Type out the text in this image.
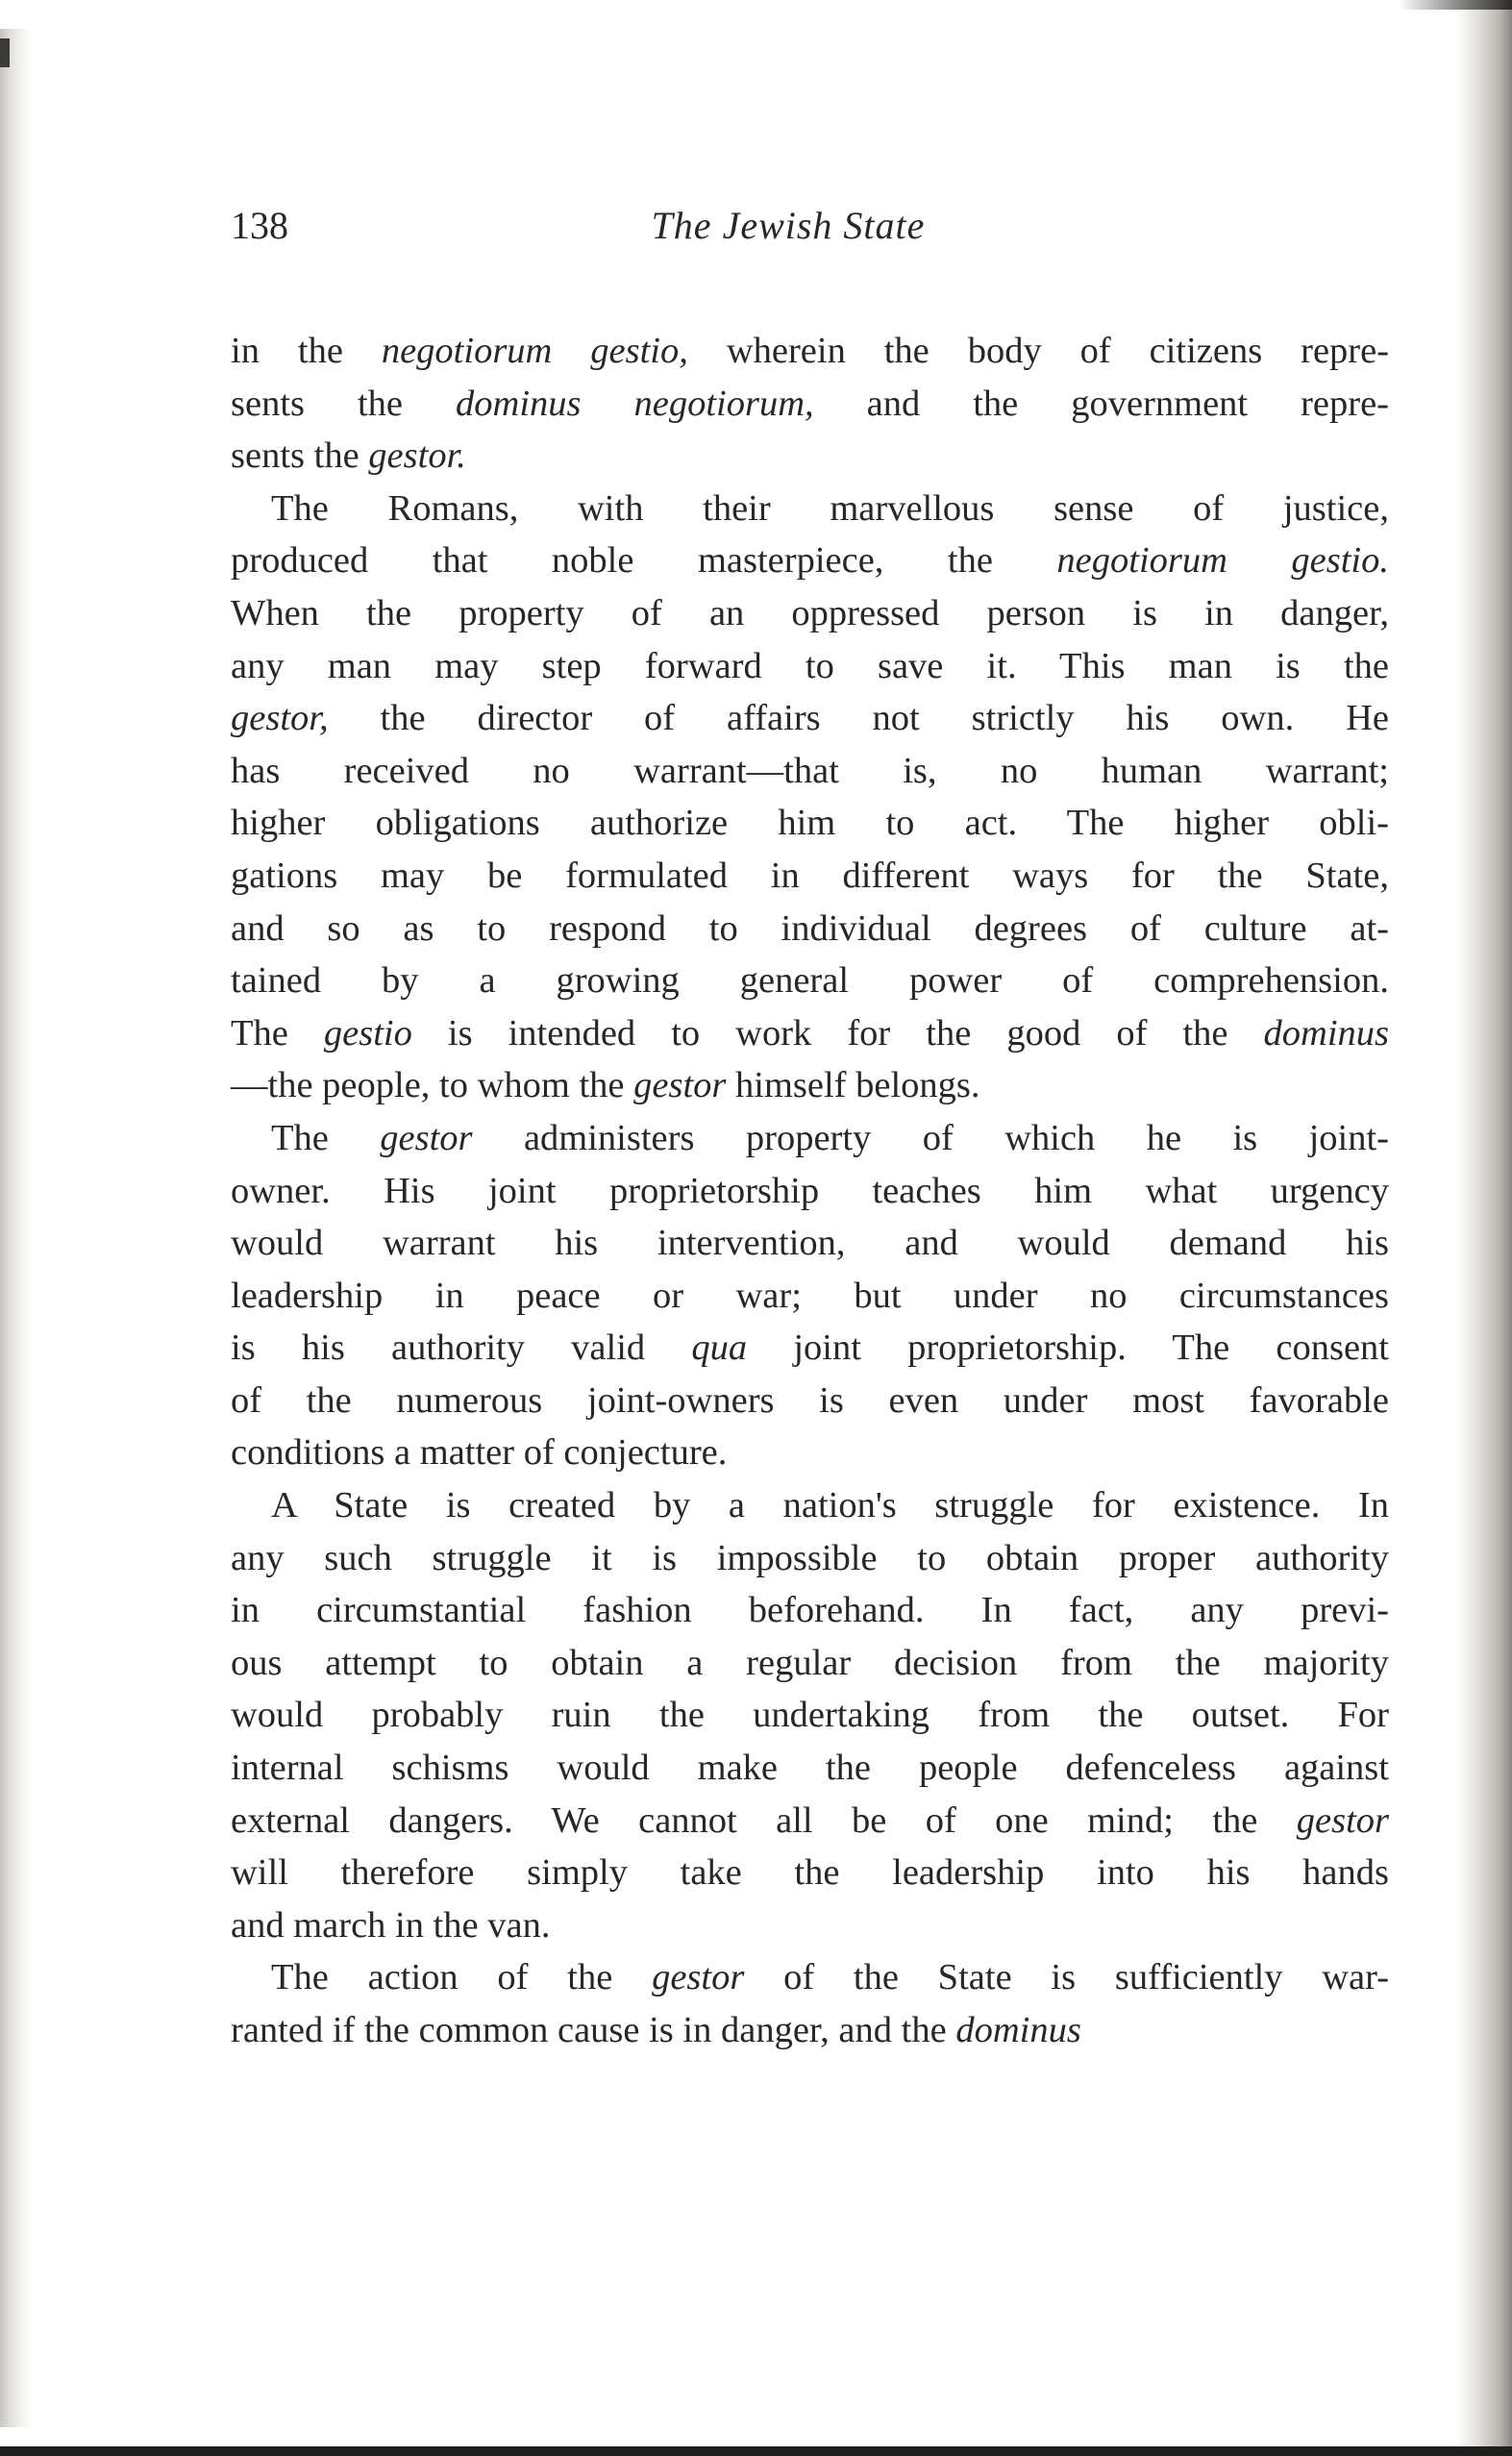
138	The Jewish State
in the negotiorum gestio, wherein the body of citizens repre-
sents the dominus negotiorum, and the government repre-
sents the gestor.
The Romans, with their marvellous sense of justice,
produced that noble masterpiece, the negotiorum gestio.
When the property of an oppressed person is in danger,
any man may step forward to save it. This man is the
gestor, the director of affairs not strictly his own. He
has received no warrant—that is, no human warrant;
higher obligations authorize him to act. The higher obli-
gations may be formulated in different ways for the State,
and so as to respond to individual degrees of culture at-
tained by a growing general power of comprehension.
The gestio is intended to work for the good of the dominus
—the people, to whom the gestor himself belongs.
The gestor administers property of which he is joint-
owner. His joint proprietorship teaches him what urgency
would warrant his intervention, and would demand his
leadership in peace or war; but under no circumstances
is his authority valid qua joint proprietorship. The consent
of the numerous joint-owners is even under most favorable
conditions a matter of conjecture.
A State is created by a nation's struggle for existence. In
any such struggle it is impossible to obtain proper authority
in circumstantial fashion beforehand. In fact, any previ-
ous attempt to obtain a regular decision from the majority
would probably ruin the undertaking from the outset. For
internal schisms would make the people defenceless against
external dangers. We cannot all be of one mind; the gestor
will therefore simply take the leadership into his hands
and march in the van.
The action of the gestor of the State is sufficiently war-
ranted if the common cause is in danger, and the dominus
